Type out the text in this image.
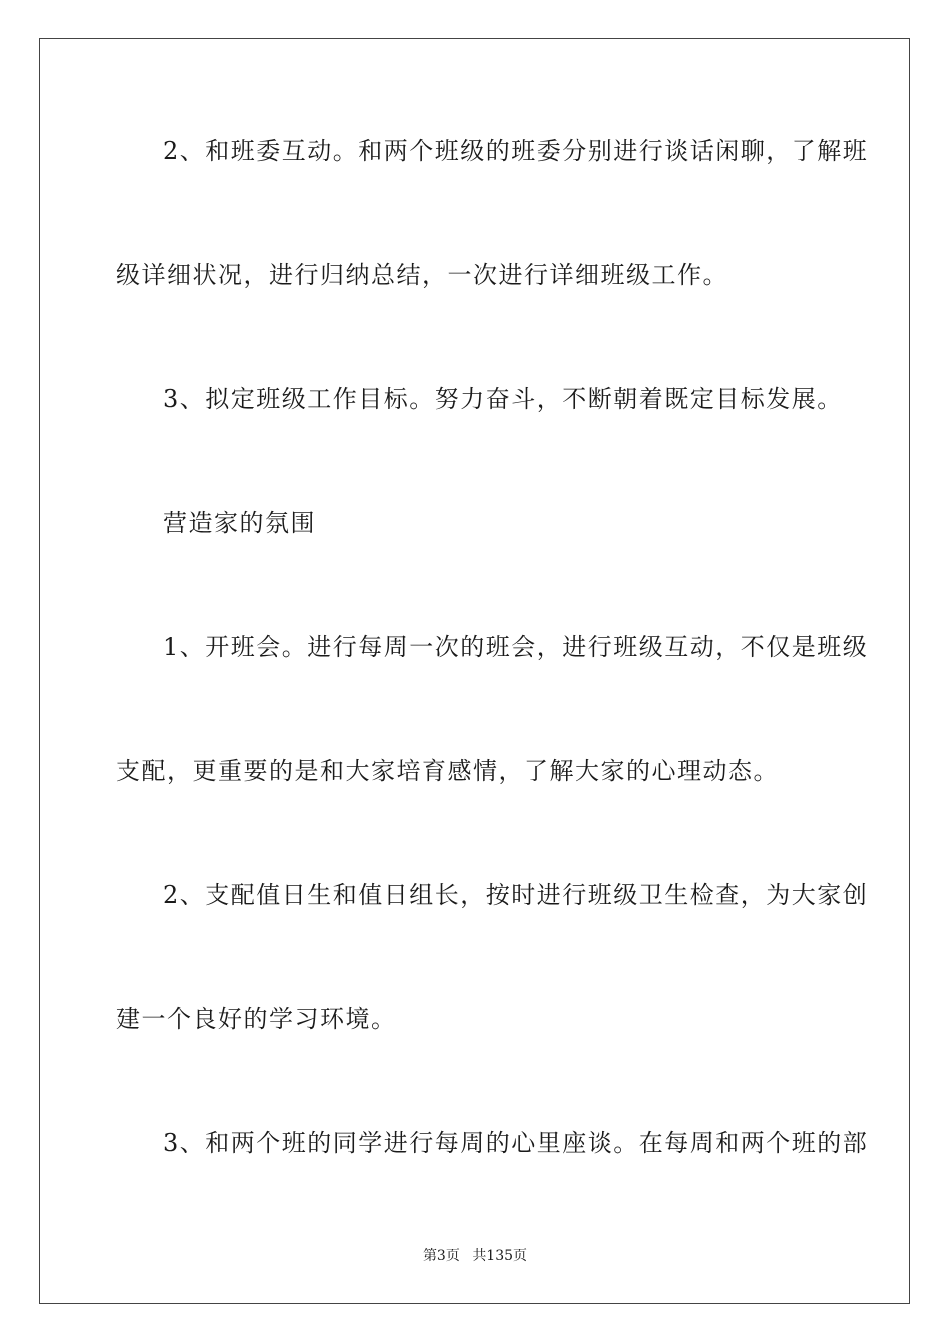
2、和班委互动。和两个班级的班委分别进行谈话闲聊，了解班
级详细状况，进行归纳总结，一次进行详细班级工作。
3、拟定班级工作目标。努力奋斗，不断朝着既定目标发展。
营造家的氛围
1、开班会。进行每周一次的班会，进行班级互动，不仅是班级
支配，更重要的是和大家培育感情，了解大家的心理动态。
2、支配值日生和值日组长，按时进行班级卫生检查，为大家创
建一个良好的学习环境。
3、和两个班的同学进行每周的心里座谈。在每周和两个班的部
第3页 共135页
